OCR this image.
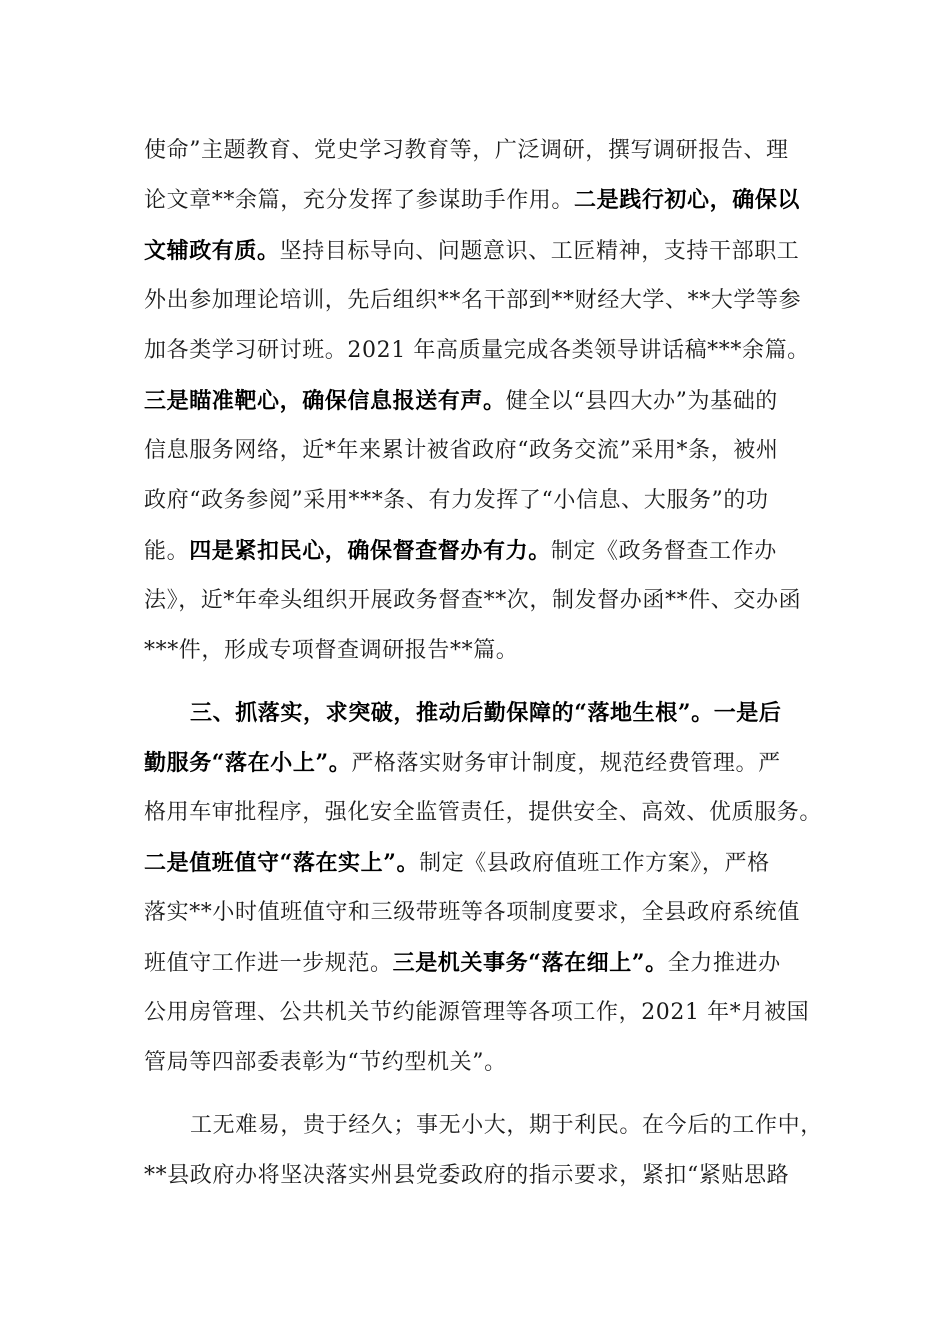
使命”主题教育、党史学习教育等，广泛调研，撰写调研报告、理
论文章**余篇，充分发挥了参谋助手作用。二是践行初心，确保以
文辅政有质。坚持目标导向、问题意识、工匠精神，支持干部职工
外出参加理论培训，先后组织**名干部到**财经大学、**大学等参
加各类学习研讨班。2021 年高质量完成各类领导讲话稿***余篇。
三是瞄准靶心，确保信息报送有声。健全以“县四大办”为基础的
信息服务网络，近*年来累计被省政府“政务交流”采用*条，被州
政府“政务参阅”采用***条、有力发挥了“小信息、大服务”的功
能。四是紧扣民心，确保督查督办有力。制定《政务督查工作办
法》，近*年牵头组织开展政务督查**次，制发督办函**件、交办函
***件，形成专项督查调研报告**篇。
三、抓落实，求突破，推动后勤保障的“落地生根”。一是后
勤服务“落在小上”。严格落实财务审计制度，规范经费管理。严
格用车审批程序，强化安全监管责任，提供安全、高效、优质服务。
二是值班值守“落在实上”。制定《县政府值班工作方案》，严格
落实**小时值班值守和三级带班等各项制度要求，全县政府系统值
班值守工作进一步规范。三是机关事务“落在细上”。全力推进办
公用房管理、公共机关节约能源管理等各项工作，2021 年*月被国
管局等四部委表彰为“节约型机关”。
工无难易，贵于经久；事无小大，期于利民。在今后的工作中，
**县政府办将坚决落实州县党委政府的指示要求，紧扣“紧贴思路
